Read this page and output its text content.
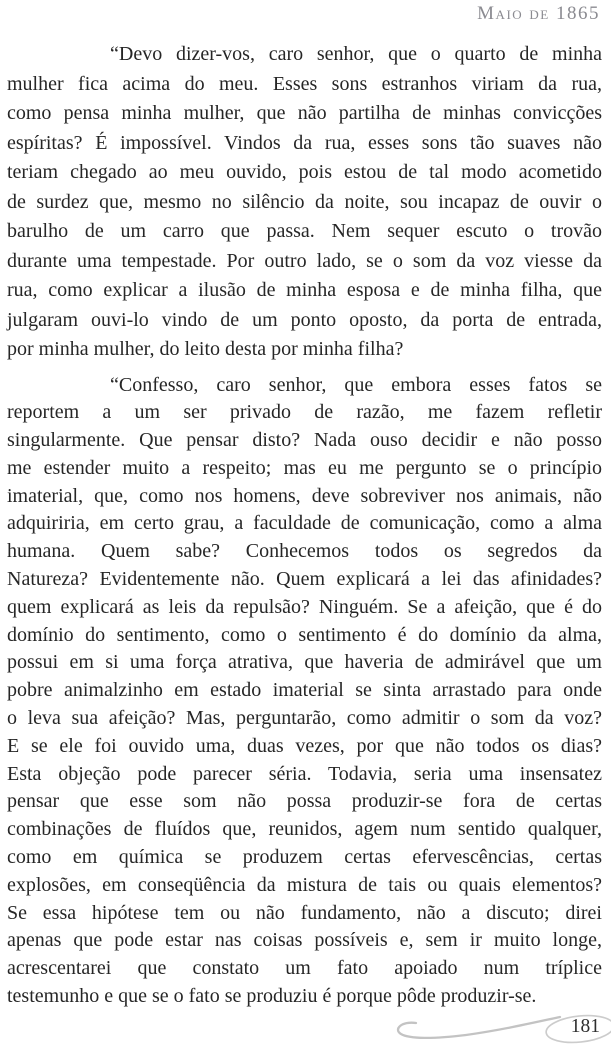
Maio de 1865
“Devo dizer-vos, caro senhor, que o quarto de minha
mulher fica acima do meu. Esses sons estranhos viriam da rua,
como pensa minha mulher, que não partilha de minhas convicções
espíritas? É impossível. Vindos da rua, esses sons tão suaves não
teriam chegado ao meu ouvido, pois estou de tal modo acometido
de surdez que, mesmo no silêncio da noite, sou incapaz de ouvir o
barulho de um carro que passa. Nem sequer escuto o trovão
durante uma tempestade. Por outro lado, se o som da voz viesse da
rua, como explicar a ilusão de minha esposa e de minha filha, que
julgaram ouvi-lo vindo de um ponto oposto, da porta de entrada,
por minha mulher, do leito desta por minha filha?
“Confesso, caro senhor, que embora esses fatos se
reportem a um ser privado de razão, me fazem refletir
singularmente. Que pensar disto? Nada ouso decidir e não posso
me estender muito a respeito; mas eu me pergunto se o princípio
imaterial, que, como nos homens, deve sobreviver nos animais, não
adquiriria, em certo grau, a faculdade de comunicação, como a alma
humana. Quem sabe? Conhecemos todos os segredos da
Natureza? Evidentemente não. Quem explicará a lei das afinidades?
quem explicará as leis da repulsão? Ninguém. Se a afeição, que é do
domínio do sentimento, como o sentimento é do domínio da alma,
possui em si uma força atrativa, que haveria de admirável que um
pobre animalzinho em estado imaterial se sinta arrastado para onde
o leva sua afeição? Mas, perguntarão, como admitir o som da voz?
E se ele foi ouvido uma, duas vezes, por que não todos os dias?
Esta objeção pode parecer séria. Todavia, seria uma insensatez
pensar que esse som não possa produzir-se fora de certas
combinações de fluídos que, reunidos, agem num sentido qualquer,
como em química se produzem certas efervescências, certas
explosões, em conseqüência da mistura de tais ou quais elementos?
Se essa hipótese tem ou não fundamento, não a discuto; direi
apenas que pode estar nas coisas possíveis e, sem ir muito longe,
acrescentarei que constato um fato apoiado num tríplice
testemunho e que se o fato se produziu é porque pôde produzir-se.
181
